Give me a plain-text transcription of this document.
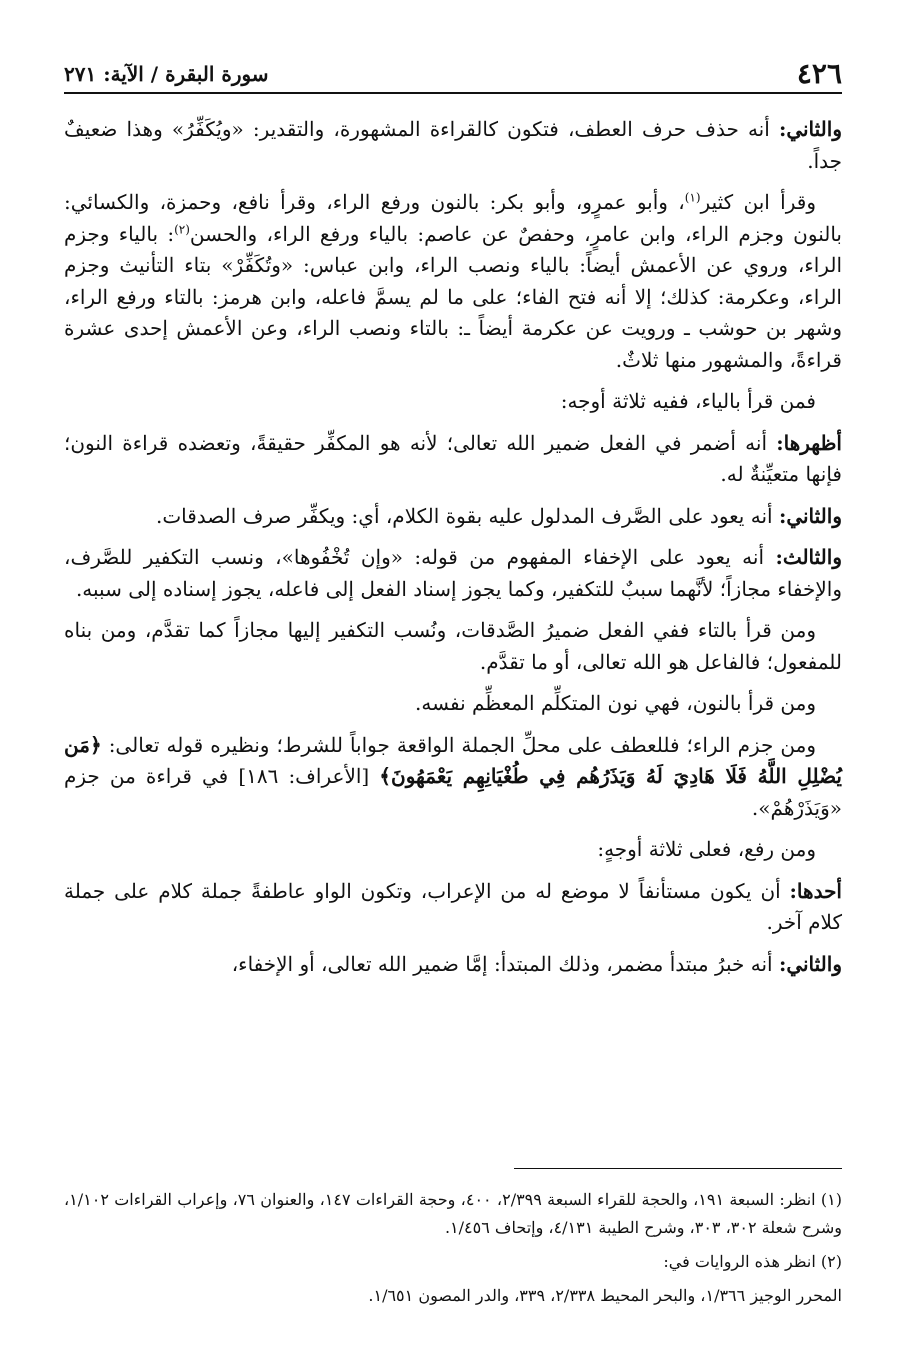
٤٢٦
سورة البقرة / الآية: ٢٧١

والثاني: أنه حذف حرف العطف، فتكون كالقراءة المشهورة، والتقدير: «ويُكَفِّرُ» وهذا ضعيفٌ جداً.

وقرأ ابن كثير$^{(١)}$، وأبو عمرٍو، وأبو بكر: بالنون ورفع الراء، وقرأ نافع، وحمزة، والكسائي: بالنون وجزم الراء، وابن عامرٍ، وحفصٌ عن عاصم: بالياء ورفع الراء، والحسن$^{(٢)}$: بالياء وجزم الراء، وروي عن الأعمش أيضاً: بالياء ونصب الراء، وابن عباس: «وتُكَفِّرْ» بتاء التأنيث وجزم الراء، وعكرمة: كذلك؛ إلا أنه فتح الفاء؛ على ما لم يسمَّ فاعله، وابن هرمز: بالتاء ورفع الراء، وشهر بن حوشب ـ ورويت عن عكرمة أيضاً ـ: بالتاء ونصب الراء، وعن الأعمش إحدى عشرة قراءةً، والمشهور منها ثلاثٌ.

فمن قرأ بالياء، ففيه ثلاثة أوجه:

أظهرها: أنه أضمر في الفعل ضمير الله تعالى؛ لأنه هو المكفِّر حقيقةً، وتعضده قراءة النون؛ فإنها متعيِّنةٌ له.

والثاني: أنه يعود على الصَّرف المدلول عليه بقوة الكلام، أي: ويكفِّر صرف الصدقات.

والثالث: أنه يعود على الإخفاء المفهوم من قوله: «وإن تُخْفُوها»، ونسب التكفير للصَّرف، والإخفاء مجازاً؛ لأنَّهما سببٌ للتكفير، وكما يجوز إسناد الفعل إلى فاعله، يجوز إسناده إلى سببه.

ومن قرأ بالتاء ففي الفعل ضميرُ الصَّدقات، ونُسب التكفير إليها مجازاً كما تقدَّم، ومن بناه للمفعول؛ فالفاعل هو الله تعالى، أو ما تقدَّم.

ومن قرأ بالنون، فهي نون المتكلِّم المعظِّم نفسه.

ومن جزم الراء؛ فللعطف على محلِّ الجملة الواقعة جواباً للشرط؛ ونظيره قوله تعالى: ﴿مَن يُضْلِلِ اللَّهُ فَلَا هَادِيَ لَهُ وَيَذَرُهُم فِي طُغْيَانِهِم يَعْمَهُونَ﴾ [الأعراف: ١٨٦] في قراءة من جزم «وَيَذَرْهُمْ».

ومن رفع، فعلى ثلاثة أوجهٍ:

أحدها: أن يكون مستأنفاً لا موضع له من الإعراب، وتكون الواو عاطفةً جملة كلام على جملة كلام آخر.

والثاني: أنه خبرُ مبتدأ مضمر، وذلك المبتدأ: إمَّا ضمير الله تعالى، أو الإخفاء،

(١) انظر: السبعة ١٩١، والحجة للقراء السبعة ٢/٣٩٩، ٤٠٠، وحجة القراءات ١٤٧، والعنوان ٧٦، وإعراب القراءات ١/١٠٢، وشرح شعلة ٣٠٢، ٣٠٣، وشرح الطيبة ٤/١٣١، وإتحاف ١/٤٥٦.

(٢) انظر هذه الروايات في:

المحرر الوجيز ١/٣٦٦، والبحر المحيط ٢/٣٣٨، ٣٣٩، والدر المصون ١/٦٥١.
